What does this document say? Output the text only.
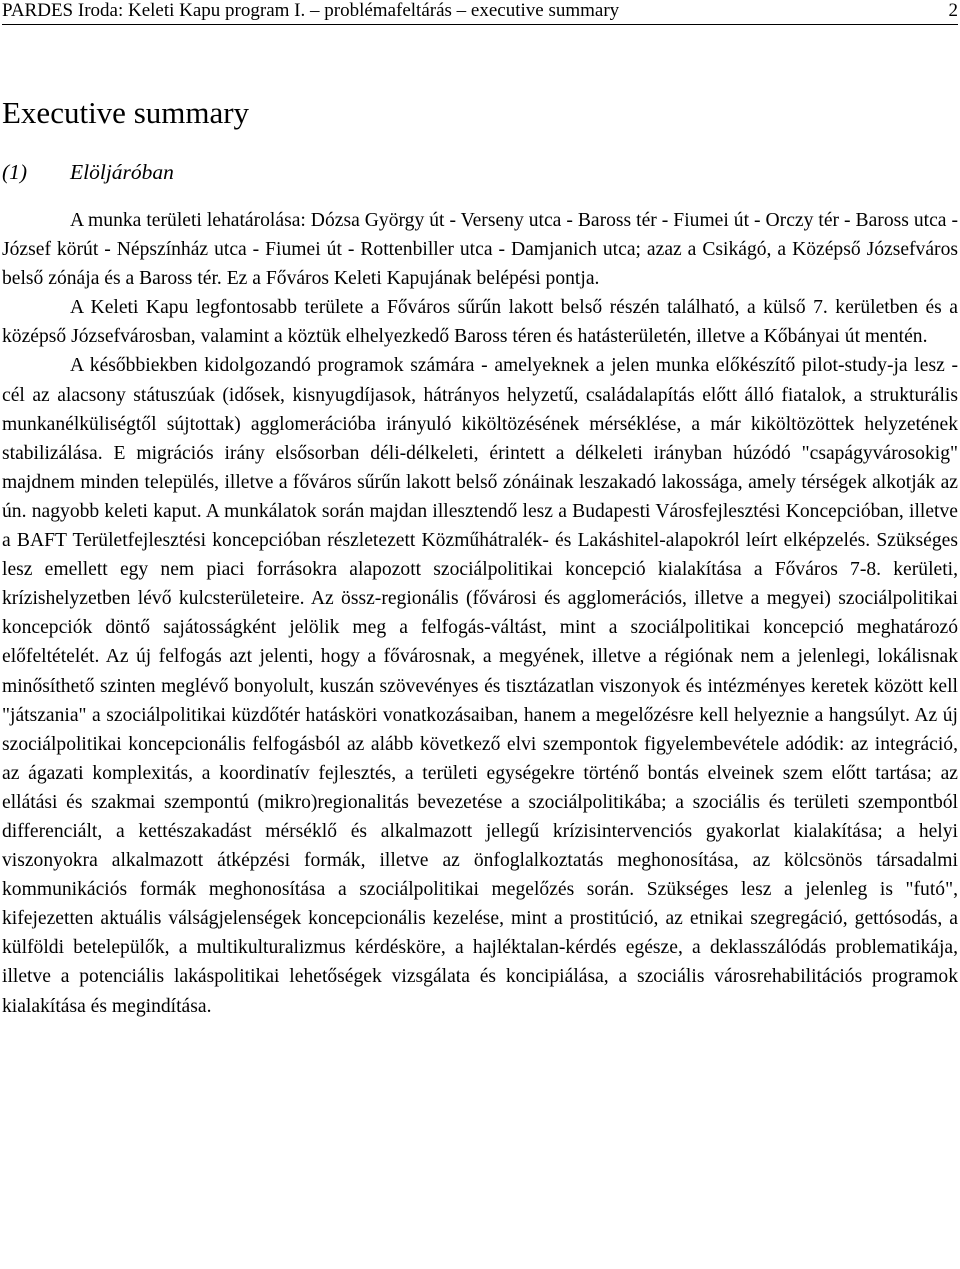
PARDES Iroda: Keleti Kapu program I. – problémafeltárás – executive summary	2
Executive summary
(1)	Elöljáróban

A munka területi lehatárolása: Dózsa György út - Verseny utca - Baross tér - Fiumei út - Orczy tér - Baross utca - József körút - Népszínház utca - Fiumei út - Rottenbiller utca - Damjanich utca; azaz a Csikágó, a Középső Józsefváros belső zónája és a Baross tér. Ez a Főváros Keleti Kapujának belépési pontja.

A Keleti Kapu legfontosabb területe a Főváros sűrűn lakott belső részén található, a külső 7. kerületben és a középső Józsefvárosban, valamint a köztük elhelyezkedő Baross téren és hatásterületén, illetve a Kőbányai út mentén.

A későbbiekben kidolgozandó programok számára - amelyeknek a jelen munka előkészítő pilot-study-ja lesz - cél az alacsony státuszúak (idősek, kisnyugdíjasok, hátrányos helyzetű, családalapítás előtt álló fiatalok, a strukturális munkanélküliségtől sújtottak) agglomerációba irányuló kiköltözésének mérséklése, a már kiköltözöttek helyzetének stabilizálása. E migrációs irány elsősorban déli-délkeleti, érintett a délkeleti irányban húzódó "csapágyvárosokig" majdnem minden település, illetve a főváros sűrűn lakott belső zónáinak leszakadó lakossága, amely térségek alkotják az ún. nagyobb keleti kaput. A munkálatok során majdan illesztendő lesz a Budapesti Városfejlesztési Koncepcióban, illetve a BAFT Területfejlesztési koncepcióban részletezett Közműhátralék- és Lakáshitel-alapokról leírt elképzelés. Szükséges lesz emellett egy nem piaci forrásokra alapozott szociálpolitikai koncepció kialakítása a Főváros 7-8. kerületi, krízishelyzetben lévő kulcsterületeire. Az össz-regionális (fővárosi és agglomerációs, illetve a megyei) szociálpolitikai koncepciók döntő sajátosságként jelölik meg a felfogás-váltást, mint a szociálpolitikai koncepció meghatározó előfeltételét. Az új felfogás azt jelenti, hogy a fővárosnak, a megyének, illetve a régiónak nem a jelenlegi, lokálisnak minősíthető szinten meglévő bonyolult, kuszán szövevényes és tisztázatlan viszonyok és intézményes keretek között kell "játszania" a szociálpolitikai küzdőtér hatásköri vonatkozásaiban, hanem a megelőzésre kell helyeznie a hangsúlyt. Az új szociálpolitikai koncepcionális felfogásból az alább következő elvi szempontok figyelembevétele adódik: az integráció, az ágazati komplexitás, a koordinatív fejlesztés, a területi egységekre történő bontás elveinek szem előtt tartása; az ellátási és szakmai szempontú (mikro)regionalitás bevezetése a szociálpolitikába; a szociális és területi szempontból differenciált, a kettészakadást mérséklő és alkalmazott jellegű krízisintervenciós gyakorlat kialakítása; a helyi viszonyokra alkalmazott átképzési formák, illetve az önfoglalkoztatás meghonosítása, az kölcsönös társadalmi kommunikációs formák meghonosítása a szociálpolitikai megelőzés során. Szükséges lesz a jelenleg is "futó", kifejezetten aktuális válságjelenségek koncepcionális kezelése, mint a prostitúció, az etnikai szegregáció, gettósodás, a külföldi betelepülők, a multikulturalizmus kérdésköre, a hajléktalan-kérdés egésze, a deklasszálódás problematikája, illetve a potenciális lakáspolitikai lehetőségek vizsgálata és koncipiálása, a szociális városrehabilitációs programok kialakítása és megindítása.
